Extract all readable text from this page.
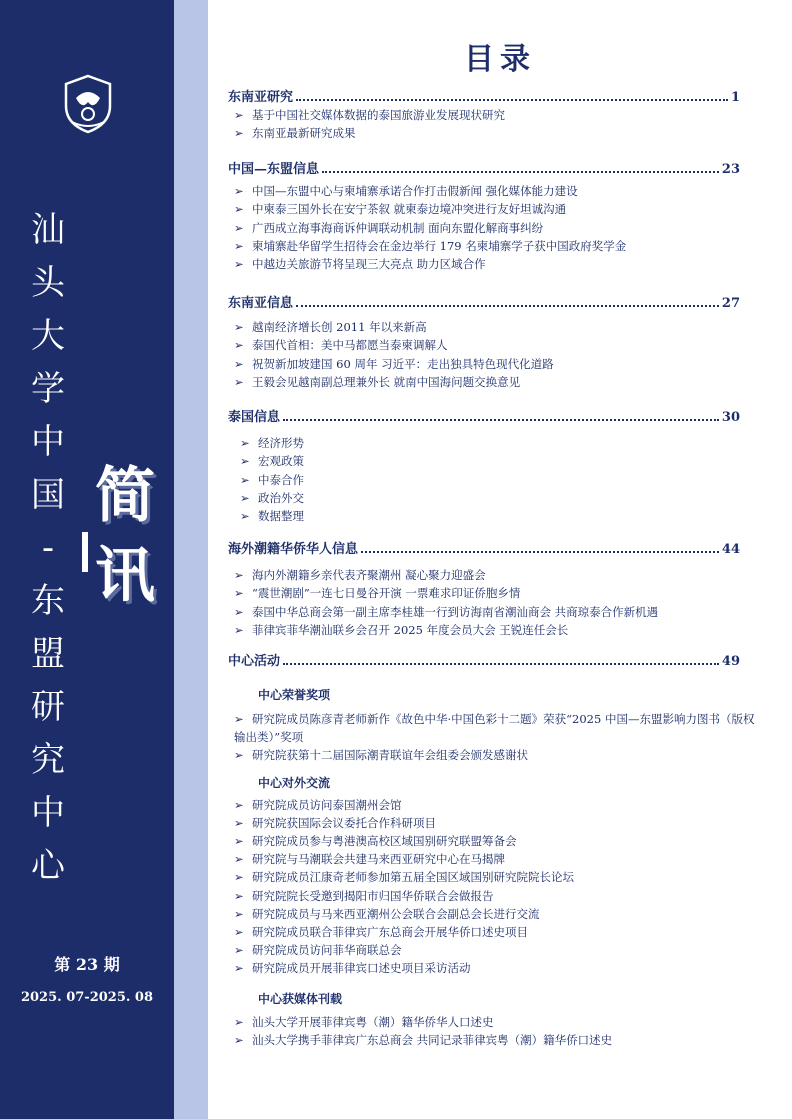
汕
头
大
学
中
国
-
东
盟
研
究
中
心
简
讯
第 23 期
2025. 07-2025. 08
目录
东南亚研究	1
➢ 基于中国社交媒体数据的泰国旅游业发展现状研究
➢ 东南亚最新研究成果
中国—东盟信息	23
➢ 中国—东盟中心与柬埔寨承诺合作打击假新闻 强化媒体能力建设
➢ 中柬泰三国外长在安宁茶叙 就柬泰边境冲突进行友好坦诚沟通
➢ 广西成立海事海商诉仲调联动机制 面向东盟化解商事纠纷
➢ 柬埔寨赴华留学生招待会在金边举行 179 名柬埔寨学子获中国政府奖学金
➢ 中越边关旅游节将呈现三大亮点 助力区域合作
东南亚信息	27
➢ 越南经济增长创 2011 年以来新高
➢ 泰国代首相：美中马都愿当泰柬调解人
➢ 祝贺新加坡建国 60 周年 习近平：走出独具特色现代化道路
➢ 王毅会见越南副总理兼外长 就南中国海问题交换意见
泰国信息	30
➢ 经济形势
➢ 宏观政策
➢ 中泰合作
➢ 政治外交
➢ 数据整理
海外潮籍华侨华人信息	44
➢ 海内外潮籍乡亲代表齐聚潮州 凝心聚力迎盛会
➢ “震世潮剧”一连七日曼谷开演 一票难求印证侨胞乡情
➢ 泰国中华总商会第一副主席李桂雄一行到访海南省潮汕商会 共商琼泰合作新机遇
➢ 菲律宾菲华潮汕联乡会召开 2025 年度会员大会 王锐连任会长
中心活动	49
中心荣誉奖项
➢ 研究院成员陈彦青老师新作《故色中华·中国色彩十二题》荣获“2025 中国—东盟影响力图书（版权输出类）”奖项
➢ 研究院获第十二届国际潮青联谊年会组委会颁发感谢状
中心对外交流
➢ 研究院成员访问泰国潮州会馆
➢ 研究院获国际会议委托合作科研项目
➢ 研究院成员参与粤港澳高校区域国别研究联盟筹备会
➢ 研究院与马潮联会共建马来西亚研究中心在马揭牌
➢ 研究院成员江康奇老师参加第五届全国区域国别研究院院长论坛
➢ 研究院院长受邀到揭阳市归国华侨联合会做报告
➢ 研究院成员与马来西亚潮州公会联合会副总会长进行交流
➢ 研究院成员联合菲律宾广东总商会开展华侨口述史项目
➢ 研究院成员访问菲华商联总会
➢ 研究院成员开展菲律宾口述史项目采访活动
中心获媒体刊载
➢ 汕头大学开展菲律宾粤（潮）籍华侨华人口述史
➢ 汕头大学携手菲律宾广东总商会 共同记录菲律宾粤（潮）籍华侨口述史
